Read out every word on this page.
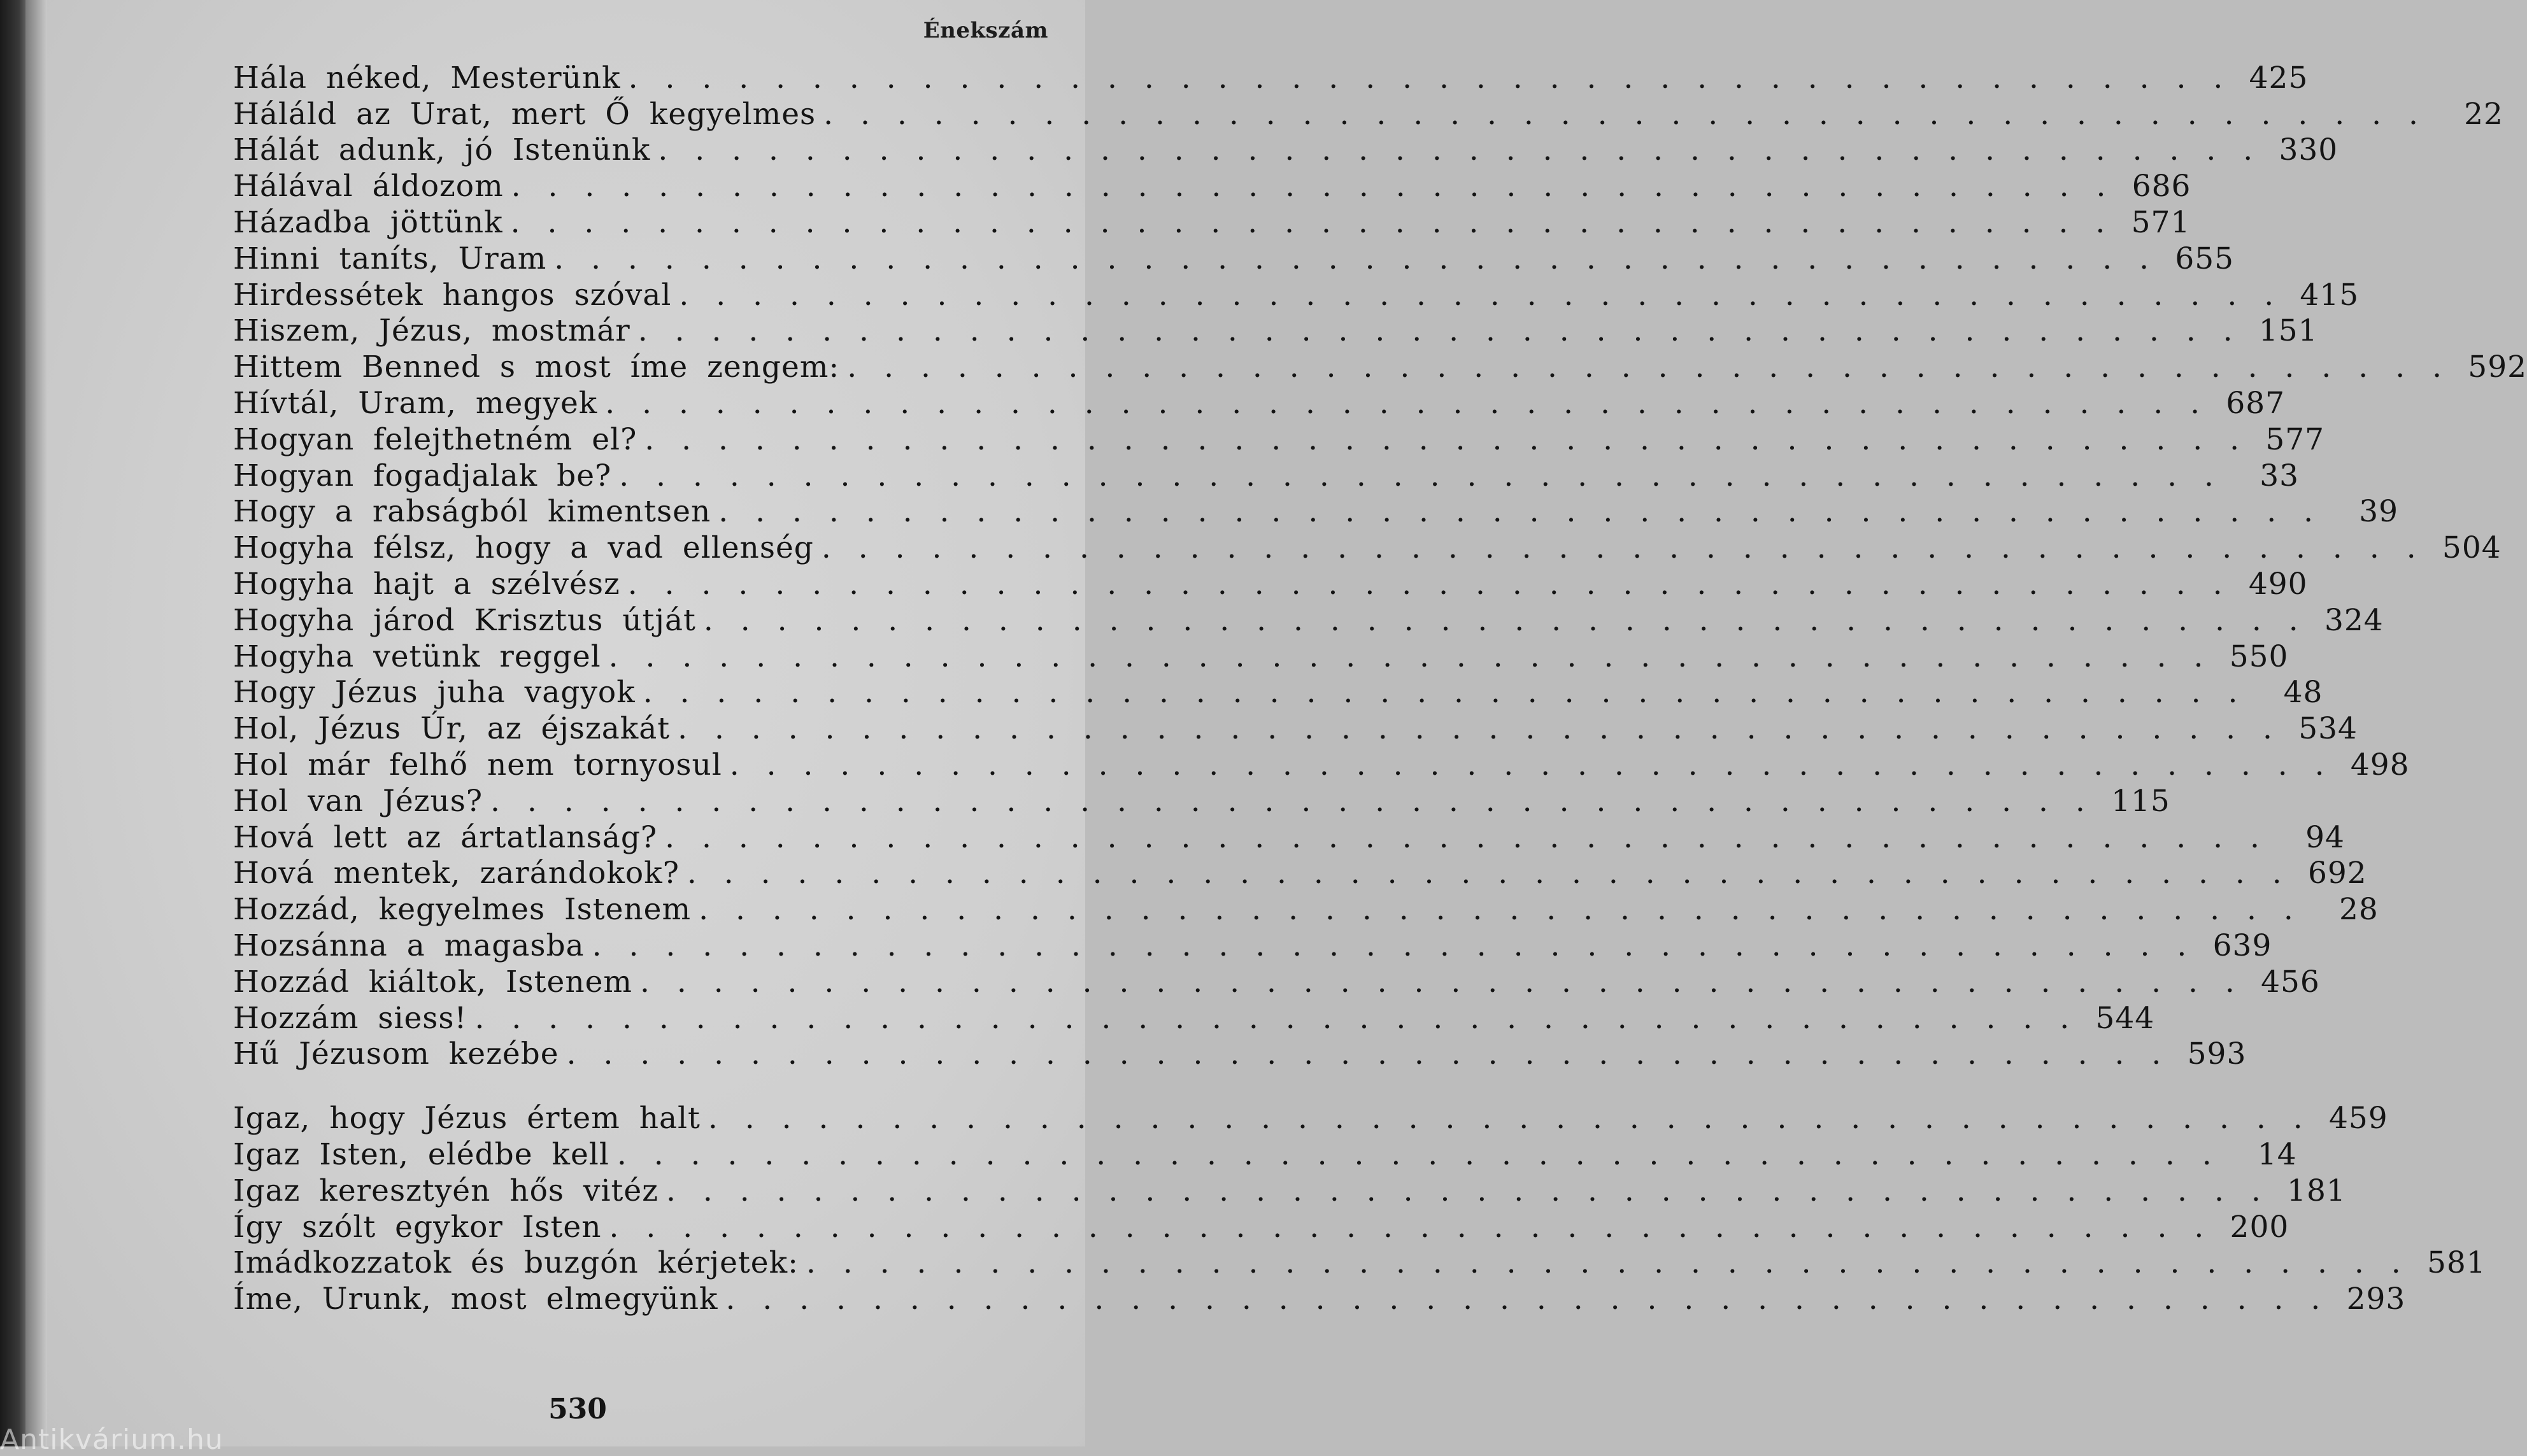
Énekszám
Hála néked, Mesterünk . . .	425
Háláld az Urat, mert Ő kegyelmes . . .	22
Hálát adunk, jó Istenünk . . .	330
Hálával áldozom . . .	686
Házadba jöttünk . . .	571
Hinni taníts, Uram . . .	655
Hirdessétek hangos szóval . . .	415
Hiszem, Jézus, mostmár . . .	151
Hittem Benned s most íme zengem: . . .	592
Hívtál, Uram, megyek . . .	687
Hogyan felejthetném el? . . .	577
Hogyan fogadjalak be? . . .	33
Hogy a rabságból kimentsen . . .	39
Hogyha félsz, hogy a vad ellenség . . .	504
Hogyha hajt a szélvész . . .	490
Hogyha járod Krisztus útját . . .	324
Hogyha vetünk reggel . . .	550
Hogy Jézus juha vagyok . . .	48
Hol, Jézus Úr, az éjszakát . . .	534
Hol már felhő nem tornyosul . . .	498
Hol van Jézus? . . .	115
Hová lett az ártatlanság? . . .	94
Hová mentek, zarándokok? . . .	692
Hozzád, kegyelmes Istenem . . .	28
Hozsánna a magasba . . .	639
Hozzád kiáltok, Istenem . . .	456
Hozzám siess! . . .	544
Hű Jézusom kezébe . . .	593
Igaz, hogy Jézus értem halt . . .	459
Igaz Isten, elédbe kell . . .	14
Igaz keresztyén hős vitéz . . .	181
Így szólt egykor Isten . . .	200
Imádkozzatok és buzgón kérjetek: . . .	581
Íme, Urunk, most elmegyünk . . .	293
530
Antikvárium.hu
